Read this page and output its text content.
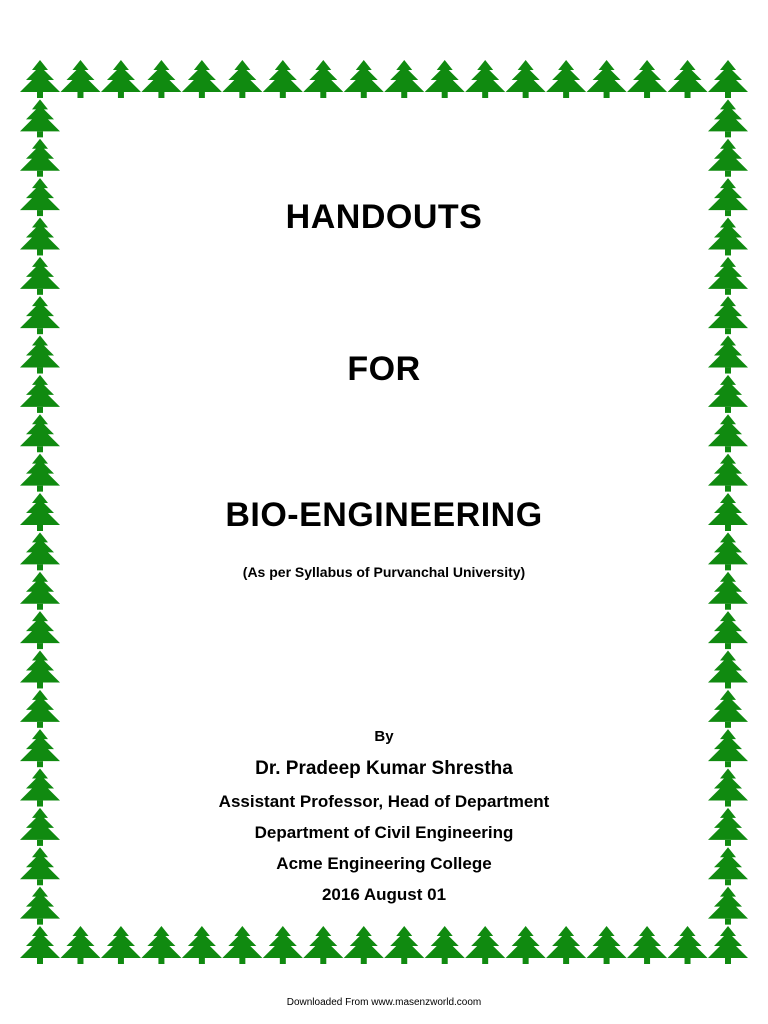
HANDOUTS
FOR
BIO-ENGINEERING
(As per Syllabus of Purvanchal University)
By
Dr. Pradeep Kumar Shrestha
Assistant Professor, Head of Department
Department of Civil Engineering
Acme Engineering College
2016 August 01
Downloaded From www.masenzworld.coom
